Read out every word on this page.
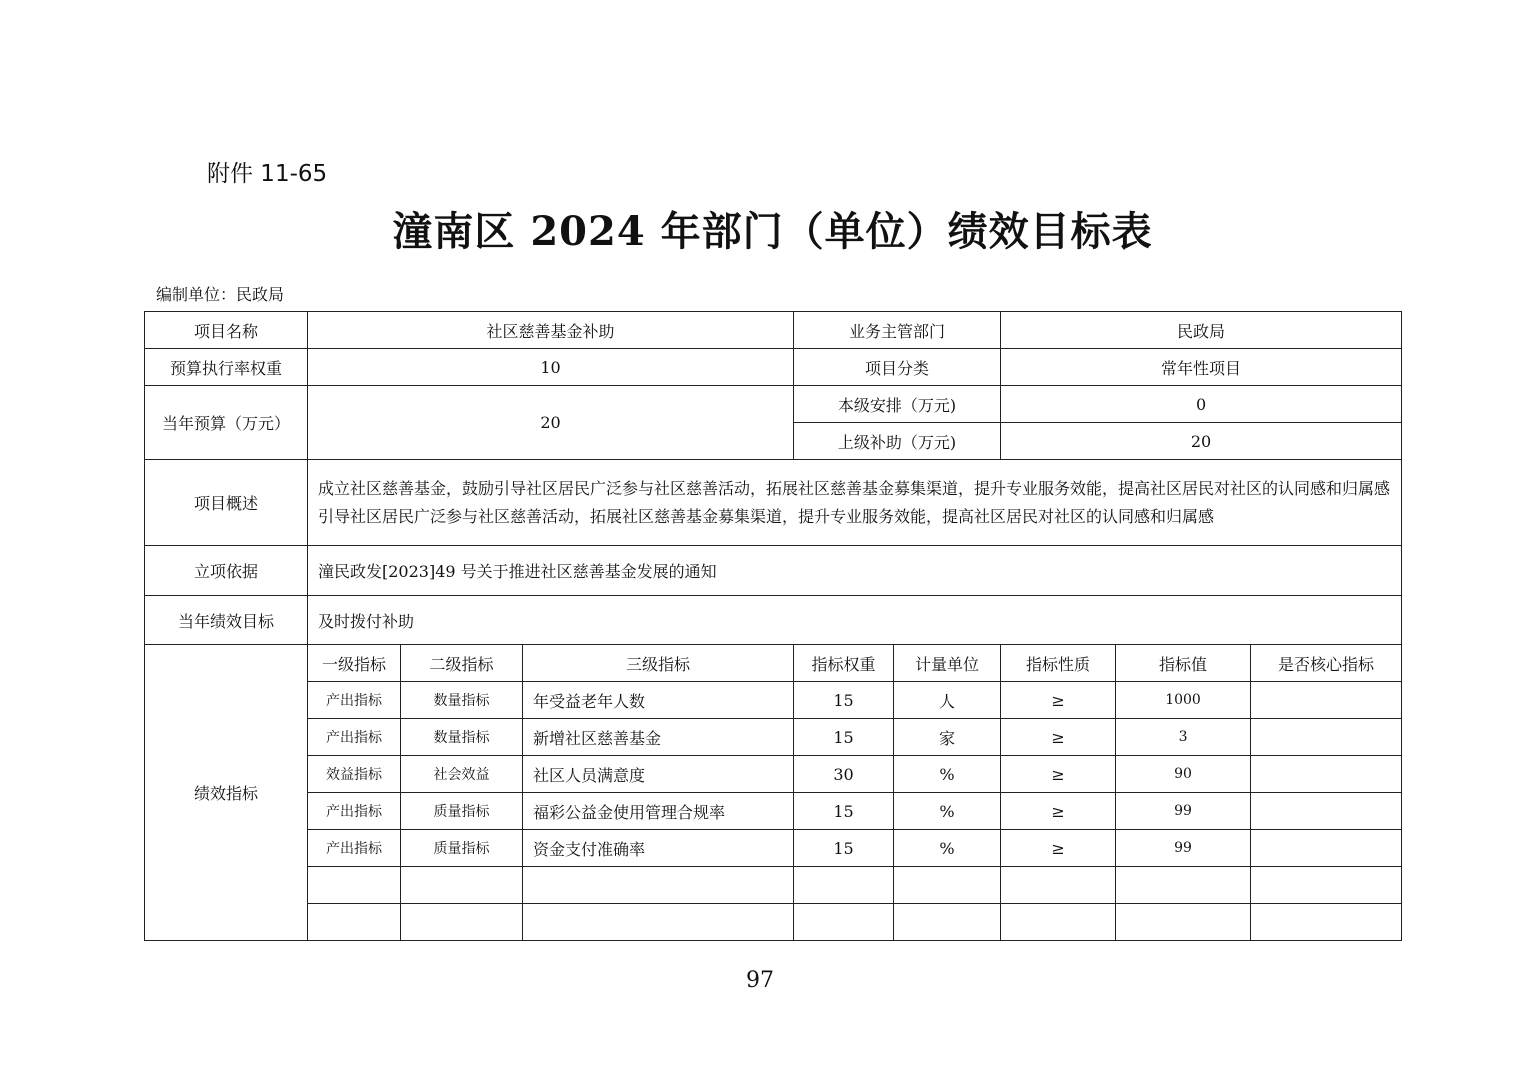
附件 11-65
潼南区 2024 年部门（单位）绩效目标表
编制单位：民政局
项目名称	社区慈善基金补助			业务主管部门		民政局		
预算执行率权重	10			项目分类		常年性项目		
当年预算（万元）	20			本级安排（万元)		0		
				上级补助（万元)		20		
项目概述	成立社区慈善基金，鼓励引导社区居民广泛参与社区慈善活动，拓展社区慈善基金募集渠道，提升专业服务效能，提高社区居民对社区的认同感和归属感引导社区居民广泛参与社区慈善活动，拓展社区慈善基金募集渠道，提升专业服务效能，提高社区居民对社区的认同感和归属感							
立项依据	潼民政发[2023]49 号关于推进社区慈善基金发展的通知							
当年绩效目标	及时拨付补助							
绩效指标	一级指标	二级指标	三级指标	指标权重	计量单位	指标性质	指标值	是否核心指标
	产出指标	数量指标	年受益老年人数	15	人	≥	1000	
	产出指标	数量指标	新增社区慈善基金	15	家	≥	3	
	效益指标	社会效益	社区人员满意度	30	%	≥	90	
	产出指标	质量指标	福彩公益金使用管理合规率	15	%	≥	99	
	产出指标	质量指标	资金支付准确率	15	%	≥	99	

97
